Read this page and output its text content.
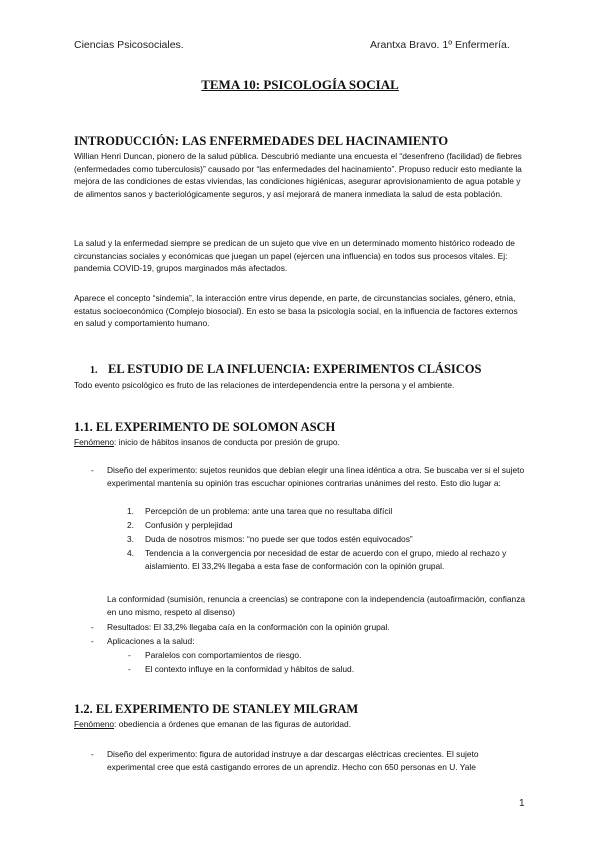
Ciencias Psicosociales.	Arantxa Bravo. 1º Enfermería.
TEMA 10: PSICOLOGÍA SOCIAL
INTRODUCCIÓN: LAS ENFERMEDADES DEL HACINAMIENTO

Willian Henri Duncan, pionero de la salud pública. Descubrió mediante una encuesta el “desenfreno (facilidad) de fiebres (enfermedades como tuberculosis)” causado por “las enfermedades del hacinamiento”. Propuso reducir esto mediante la mejora de las condiciones de estas viviendas, las condiciones higiénicas, asegurar aprovisionamiento de agua potable y de alimentos sanos y bacteriológicamente seguros, y así mejorará de manera inmediata la salud de esta población.

La salud y la enfermedad siempre se predican de un sujeto que vive en un determinado momento histórico rodeado de circunstancias sociales y económicas que juegan un papel (ejercen una influencia) en todos sus procesos vitales. Ej: pandemia COVID-19, grupos marginados más afectados.

Aparece el concepto “sindemia”, la interacción entre virus depende, en parte, de circunstancias sociales, género, etnia, estatus socioeconómico (Complejo biosocial). En esto se basa la psicología social, en la influencia de factores externos en salud y comportamiento humano.

1. EL ESTUDIO DE LA INFLUENCIA: EXPERIMENTOS CLÁSICOS

Todo evento psicológico es fruto de las relaciones de interdependencia entre la persona y el ambiente.

1.1. EL EXPERIMENTO DE SOLOMON ASCH
Fenómeno: inicio de hábitos insanos de conducta por presión de grupo.
- Diseño del experimento: sujetos reunidos que debían elegir una línea idéntica a otra. Se buscaba ver si el sujeto experimental mantenía su opinión tras escuchar opiniones contrarias unánimes del resto. Esto dio lugar a:

1. Percepción de un problema: ante una tarea que no resultaba difícil
2. Confusión y perplejidad
3. Duda de nosotros mismos: “no puede ser que todos estén equivocados”
4. Tendencia a la convergencia por necesidad de estar de acuerdo con el grupo, miedo al rechazo y aislamiento. El 33,2% llegaba a esta fase de conformación con la opinión grupal.

La conformidad (sumisión, renuncia a creencias) se contrapone con la independencia (autoafirmación, confianza en uno mismo, respeto al disenso)

- Resultados: El 33,2% llegaba caía en la conformación con la opinión grupal.
- Aplicaciones a la salud:
- Paralelos con comportamientos de riesgo.
- El contexto influye en la conformidad y hábitos de salud.
1.2. EL EXPERIMENTO DE STANLEY MILGRAM
Fenómeno: obediencia a órdenes que emanan de las figuras de autoridad.
- Diseño del experimento: figura de autoridad instruye a dar descargas eléctricas crecientes. El sujeto experimental cree que está castigando errores de un aprendiz. Hecho con 650 personas en U. Yale

1
